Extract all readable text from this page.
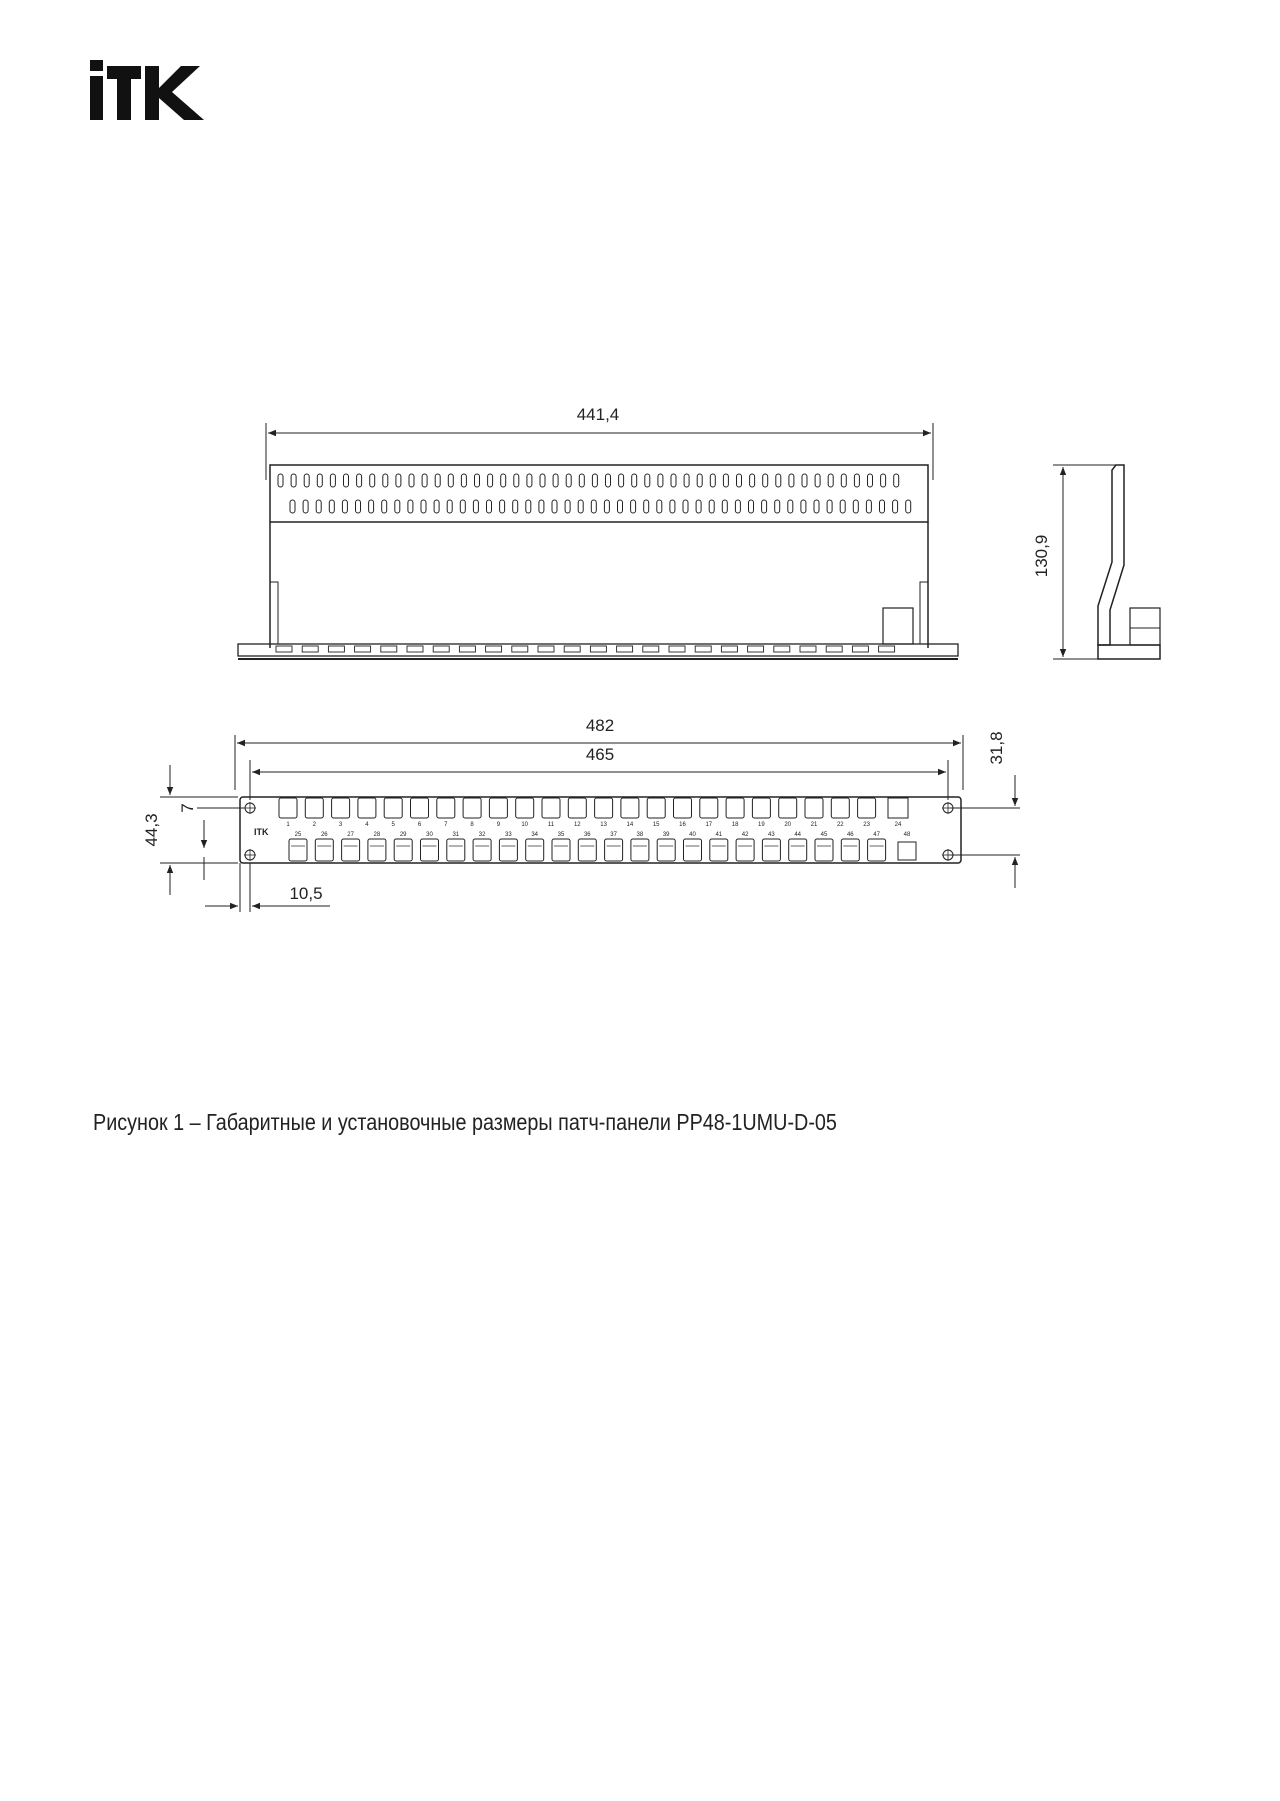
441,4
130,9
482
465
ITK
1	2	3	4	5	6	7	8	9	10	11	12	13	14	15	16	17	18	19	20	21	22	23	24
25	26	27	28	29	30	31	32	33	34	35	36	37	38	39	40	41	42	43	44	45	46	47	48
31,8
44,3
7
10,5
Рисунок 1 – Габаритные и установочные размеры патч-панели PP48-1UMU-D-05
